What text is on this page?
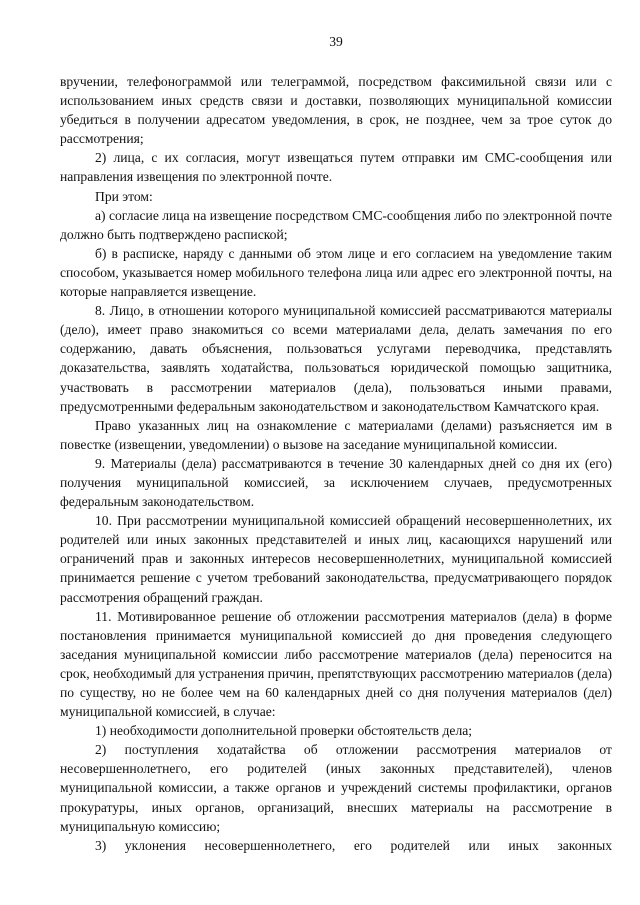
39

вручении, телефонограммой или телеграммой, посредством факсимильной связи или с использованием иных средств связи и доставки, позволяющих муниципальной комиссии убедиться в получении адресатом уведомления, в срок, не позднее, чем за трое суток до рассмотрения;

2) лица, с их согласия, могут извещаться путем отправки им СМС-сообщения или направления извещения по электронной почте.

При этом:

а) согласие лица на извещение посредством СМС-сообщения либо по электронной почте должно быть подтверждено распиской;

б) в расписке, наряду с данными об этом лице и его согласием на уведомление таким способом, указывается номер мобильного телефона лица или адрес его электронной почты, на которые направляется извещение.

8. Лицо, в отношении которого муниципальной комиссией рассматриваются материалы (дело), имеет право знакомиться со всеми материалами дела, делать замечания по его содержанию, давать объяснения, пользоваться услугами переводчика, представлять доказательства, заявлять ходатайства, пользоваться юридической помощью защитника, участвовать в рассмотрении материалов (дела), пользоваться иными правами, предусмотренными федеральным законодательством и законодательством Камчатского края.

Право указанных лиц на ознакомление с материалами (делами) разъясняется им в повестке (извещении, уведомлении) о вызове на заседание муниципальной комиссии.

9. Материалы (дела) рассматриваются в течение 30 календарных дней со дня их (его) получения муниципальной комиссией, за исключением случаев, предусмотренных федеральным законодательством.

10. При рассмотрении муниципальной комиссией обращений несовершеннолетних, их родителей или иных законных представителей и иных лиц, касающихся нарушений или ограничений прав и законных интересов несовершеннолетних, муниципальной комиссией принимается решение с учетом требований законодательства, предусматривающего порядок рассмотрения обращений граждан.

11. Мотивированное решение об отложении рассмотрения материалов (дела) в форме постановления принимается муниципальной комиссией до дня проведения следующего заседания муниципальной комиссии либо рассмотрение материалов (дела) переносится на срок, необходимый для устранения причин, препятствующих рассмотрению материалов (дела) по существу, но не более чем на 60 календарных дней со дня получения материалов (дел) муниципальной комиссией, в случае:

1) необходимости дополнительной проверки обстоятельств дела;

2) поступления ходатайства об отложении рассмотрения материалов от несовершеннолетнего, его родителей (иных законных представителей), членов муниципальной комиссии, а также органов и учреждений системы профилактики, органов прокуратуры, иных органов, организаций, внесших материалы на рассмотрение в муниципальную комиссию;

3) уклонения несовершеннолетнего, его родителей или иных законных
